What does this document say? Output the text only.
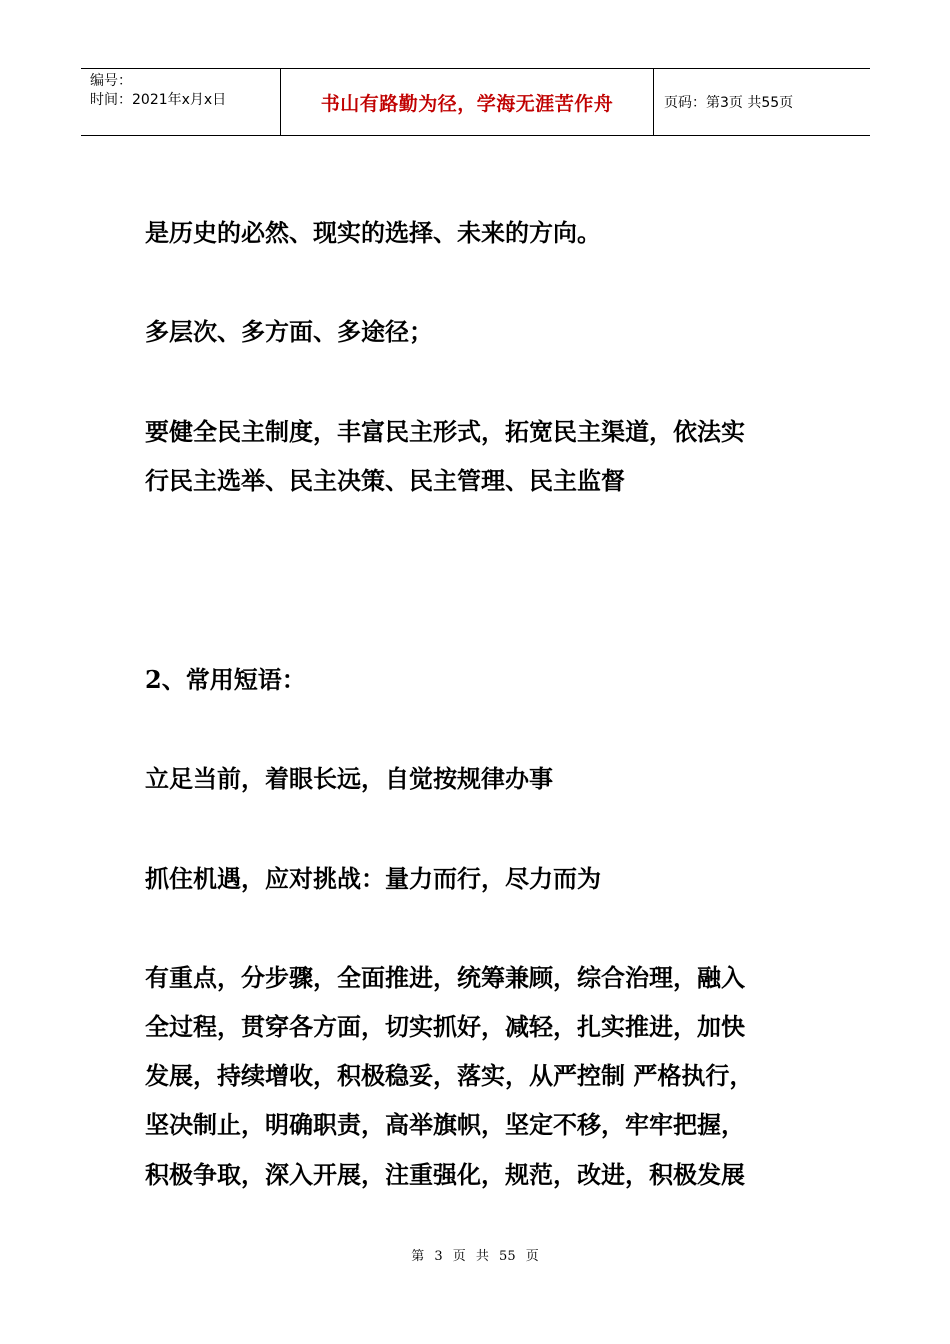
编号：
时间：2021年x月x日	书山有路勤为径，学海无涯苦作舟	页码：第3页 共55页

是历史的必然、现实的选择、未来的方向。

多层次、多方面、多途径；

要健全民主制度，丰富民主形式，拓宽民主渠道，依法实

行民主选举、民主决策、民主管理、民主监督

2、常用短语：

立足当前，着眼长远，自觉按规律办事

抓住机遇，应对挑战：量力而行，尽力而为

有重点，分步骤，全面推进，统筹兼顾，综合治理，融入

全过程，贯穿各方面，切实抓好，减轻，扎实推进，加快

发展，持续增收，积极稳妥，落实，从严控制 严格执行，

坚决制止，明确职责，高举旗帜，坚定不移，牢牢把握，

积极争取，深入开展，注重强化，规范，改进，积极发展

第 3 页 共 55 页
